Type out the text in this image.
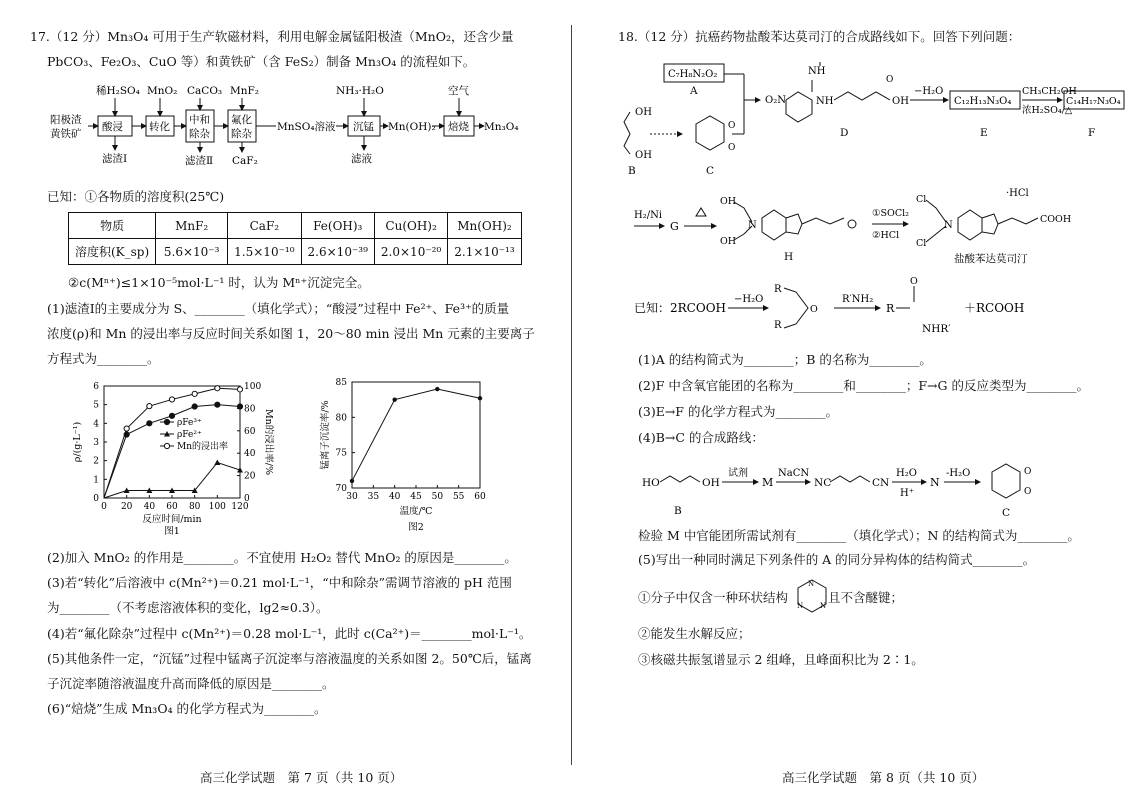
17.（12 分）Mn₃O₄ 可用于生产软磁材料，利用电解金属锰阳极渣（MnO₂，还含少量
PbCO₃、Fe₂O₃、CuO 等）和黄铁矿（含 FeS₂）制备 Mn₃O₄ 的流程如下。
阳极渣
黄铁矿
酸浸 转化
中和
除杂
氟化
除杂
MnSO₄溶液 沉锰 Mn(OH)₂ 焙烧 Mn₃O₄
稀H₂SO₄ MnO₂ CaCO₃ MnF₂	NH₃·H₂O	空气
滤渣Ⅰ	滤渣Ⅱ CaF₂	滤液
已知：①各物质的溶度积(25℃)
物质	MnF₂	CaF₂	Fe(OH)₃	Cu(OH)₂	Mn(OH)₂
溶度积(K_sp)	5.6×10⁻³	1.5×10⁻¹⁰	2.6×10⁻³⁹	2.0×10⁻²⁰	2.1×10⁻¹³
②c(Mⁿ⁺)≤1×10⁻⁵mol·L⁻¹ 时，认为 Mⁿ⁺沉淀完全。
(1)滤渣Ⅰ的主要成分为 S、________（填化学式）；“酸浸”过程中 Fe²⁺、Fe³⁺的质量
浓度(ρ)和 Mn 的浸出率与反应时间关系如图 1，20～80 min 浸出 Mn 元素的主要离子
方程式为________。
0 20 40 60 80 100 120
0
1
2
3
4
5
6
0
20
40
60
80
100
反应时间/min
ρ/(g·L⁻¹)	Mn的浸出率/%
图1
ρFe³⁺
ρFe²⁺
Mn的浸出率
30 35 40 45 50 55 60
70
75
80
85
温度/℃
锰离子沉淀率/%
图2
(2)加入 MnO₂ 的作用是________。不宜使用 H₂O₂ 替代 MnO₂ 的原因是________。
(3)若“转化”后溶液中 c(Mn²⁺)＝0.21 mol·L⁻¹，“中和除杂”需调节溶液的 pH 范围
为________（不考虑溶液体积的变化，lg2≈0.3）。
(4)若“氟化除杂”过程中 c(Mn²⁺)＝0.28 mol·L⁻¹，此时 c(Ca²⁺)＝________mol·L⁻¹。
(5)其他条件一定，“沉锰”过程中锰离子沉淀率与溶液温度的关系如图 2。50℃后，锰离
子沉淀率随溶液温度升高而降低的原因是________。
(6)“焙烧”生成 Mn₃O₄ 的化学方程式为________。
高三化学试题　第 7 页（共 10 页）
18.（12 分）抗癌药物盐酸苯达莫司汀的合成路线如下。回答下列问题：
C₇H₈N₂O₂
A
OH
OH
B
O
O
C
O₂N
NH
NH
O
OH
D
−H₂O
C₁₂H₁₃N₃O₄
E
CH₃CH₂OH
浓H₂SO₄/△
C₁₄H₁₇N₃O₄
F
H₂/Ni
G
OH
OH
N
H
①SOCl₂
②HCl
Cl
Cl
N
COOH
·HCl
盐酸苯达莫司汀
已知：2RCOOH
−H₂O
R
R
O
R′NH₂
R
O
NHR′
＋RCOOH
(1)A 的结构简式为________；B 的名称为________。
(2)F 中含氧官能团的名称为________和________；F→G 的反应类型为________。
(3)E→F 的化学方程式为________。
(4)B→C 的合成路线：
HO	OH
B
试剂
M
NaCN
NC	CN
H₂O
H⁺
N
-H₂O	O
O
C
检验 M 中官能团所需试剂有________（填化学式）；N 的结构简式为________。
(5)写出一种同时满足下列条件的 A 的同分异构体的结构简式________。
①分子中仅含一种环状结构
N
N
N
且不含醚键；
②能发生水解反应；
③核磁共振氢谱显示 2 组峰，且峰面积比为 2∶1。
高三化学试题　第 8 页（共 10 页）
